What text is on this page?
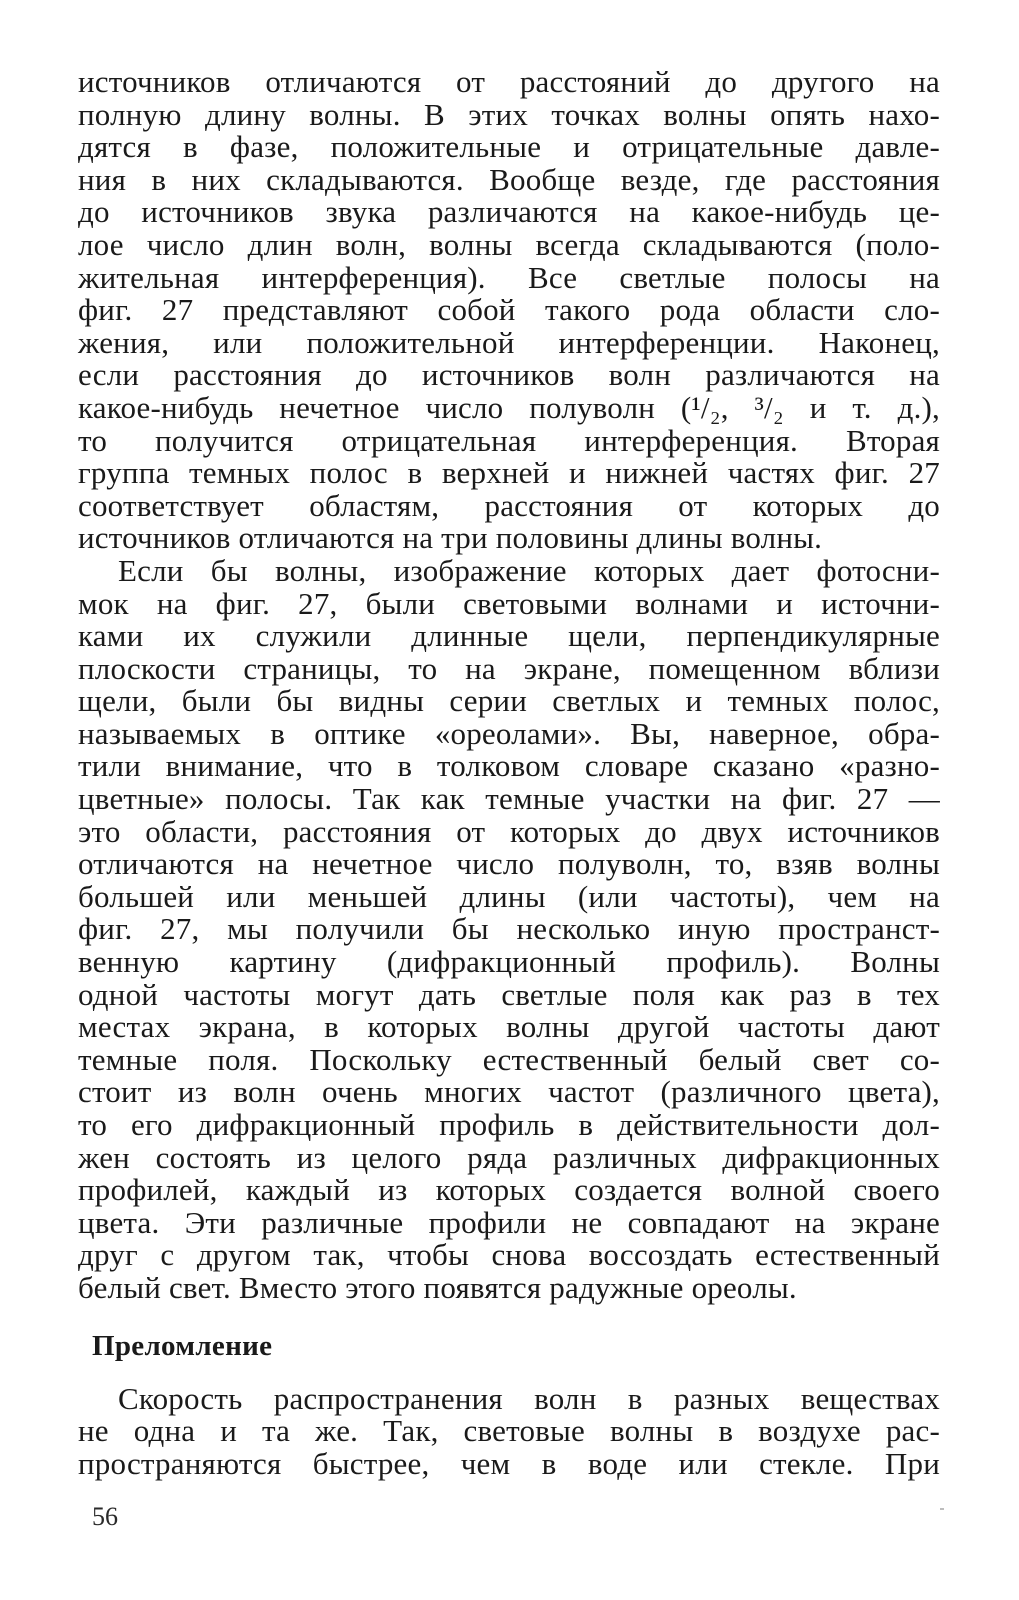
источников отличаются от расстояний до другого на
полную длину волны. В этих точках волны опять нахо-
дятся в фазе, положительные и отрицательные давле-
ния в них складываются. Вообще везде, где расстояния
до источников звука различаются на какое-нибудь це-
лое число длин волн, волны всегда складываются (поло-
жительная интерференция). Все светлые полосы на
фиг. 27 представляют собой такого рода области сло-
жения, или положительной интерференции. Наконец,
если расстояния до источников волн различаются на
какое-нибудь нечетное число полуволн (¹/₂, ³/₂ и т. д.),
то получится отрицательная интерференция. Вторая
группа темных полос в верхней и нижней частях фиг. 27
соответствует областям, расстояния от которых до
источников отличаются на три половины длины волны.
Если бы волны, изображение которых дает фотосни-
мок на фиг. 27, были световыми волнами и источни-
ками их служили длинные щели, перпендикулярные
плоскости страницы, то на экране, помещенном вблизи
щели, были бы видны серии светлых и темных полос,
называемых в оптике «ореолами». Вы, наверное, обра-
тили внимание, что в толковом словаре сказано «разно-
цветные» полосы. Так как темные участки на фиг. 27 —
это области, расстояния от которых до двух источников
отличаются на нечетное число полуволн, то, взяв волны
большей или меньшей длины (или частоты), чем на
фиг. 27, мы получили бы несколько иную пространст-
венную картину (дифракционный профиль). Волны
одной частоты могут дать светлые поля как раз в тех
местах экрана, в которых волны другой частоты дают
темные поля. Поскольку естественный белый свет со-
стоит из волн очень многих частот (различного цвета),
то его дифракционный профиль в действительности дол-
жен состоять из целого ряда различных дифракционных
профилей, каждый из которых создается волной своего
цвета. Эти различные профили не совпадают на экране
друг с другом так, чтобы снова воссоздать естественный
белый свет. Вместо этого появятся радужные ореолы.
Преломление
Скорость распространения волн в разных веществах
не одна и та же. Так, световые волны в воздухе рас-
пространяются быстрее, чем в воде или стекле. При
56
